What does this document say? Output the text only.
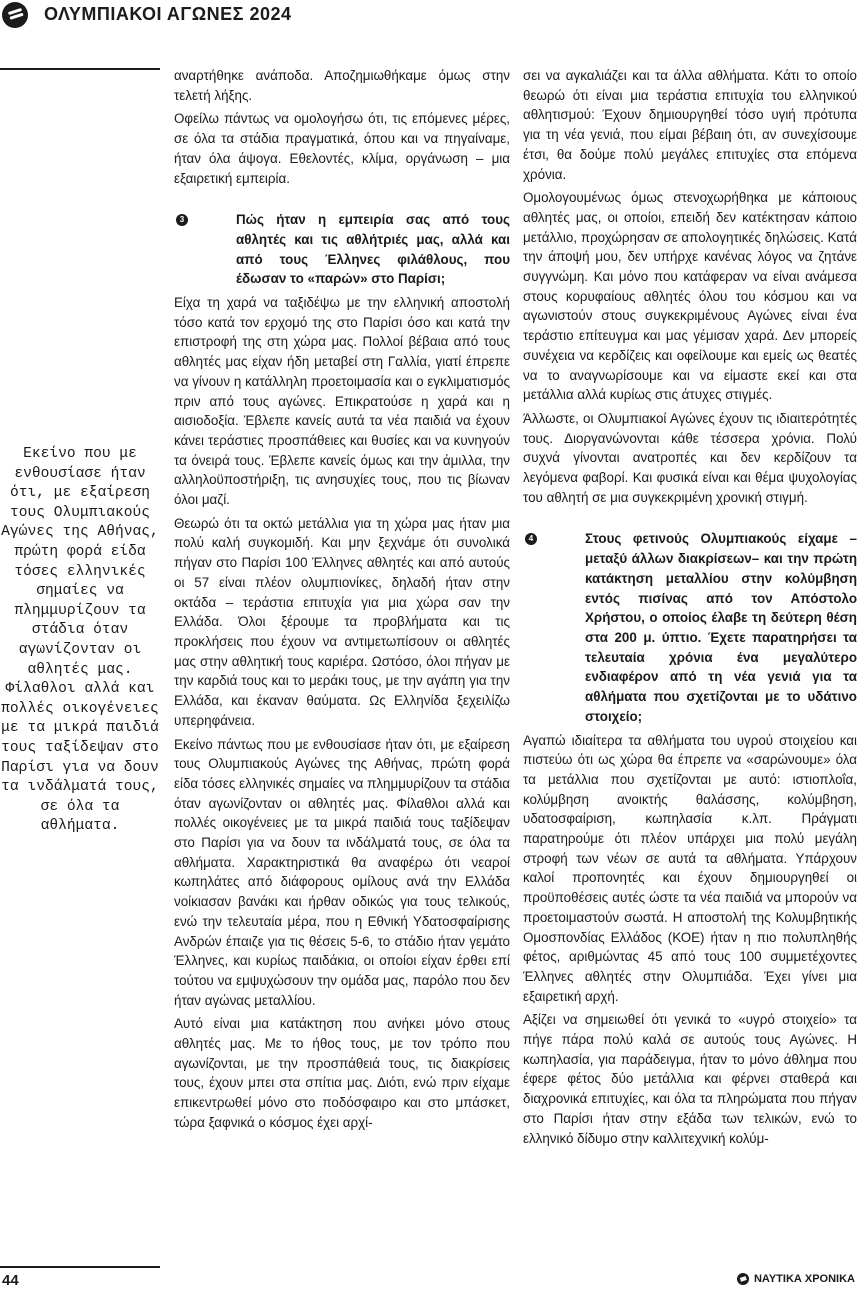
ΟΛΥΜΠΙΑΚΟΙ ΑΓΩΝΕΣ 2024
Εκείνο που με ενθουσίασε ήταν ότι, με εξαίρεση τους Ολυμπιακούς Αγώνες της Αθήνας, πρώτη φορά είδα τόσες ελληνικές σημαίες να πλημμυρίζουν τα στάδια όταν αγωνίζονταν οι αθλητές μας. Φίλαθλοι αλλά και πολλές οικογένειες με τα μικρά παιδιά τους ταξίδεψαν στο Παρίσι για να δουν τα ινδάλματά τους, σε όλα τα αθλήματα.

αναρτήθηκε ανάποδα. Αποζημιωθήκαμε όμως στην τελετή λήξης.

Οφείλω πάντως να ομολογήσω ότι, τις επόμενες μέρες, σε όλα τα στάδια πραγματικά, όπου και να πηγαίναμε, ήταν όλα άψογα. Εθελοντές, κλίμα, οργάνωση – μια εξαιρετική εμπειρία.

3	Πώς ήταν η εμπειρία σας από τους αθλητές και τις αθλήτριές μας, αλλά και από τους Έλληνες φιλάθλους, που έδωσαν το «παρών» στο Παρίσι;

Είχα τη χαρά να ταξιδέψω με την ελληνική αποστολή τόσο κατά τον ερχομό της στο Παρίσι όσο και κατά την επιστροφή της στη χώρα μας. Πολλοί βέβαια από τους αθλητές μας είχαν ήδη μεταβεί στη Γαλλία, γιατί έπρεπε να γίνουν η κατάλληλη προετοιμασία και ο εγκλιματισμός πριν από τους αγώνες. Επικρατούσε η χαρά και η αισιοδοξία. Έβλεπε κανείς αυτά τα νέα παιδιά να έχουν κάνει τεράστιες προσπάθειες και θυσίες και να κυνηγούν τα όνειρά τους. Έβλεπε κανείς όμως και την άμιλλα, την αλληλοϋποστήριξη, τις ανησυχίες τους, που τις βίωναν όλοι μαζί.

Θεωρώ ότι τα οκτώ μετάλλια για τη χώρα μας ήταν μια πολύ καλή συγκομιδή. Και μην ξεχνάμε ότι συνολικά πήγαν στο Παρίσι 100 Έλληνες αθλητές και από αυτούς οι 57 είναι πλέον ολυμπιονίκες, δηλαδή ήταν στην οκτάδα – τεράστια επιτυχία για μια χώρα σαν την Ελλάδα. Όλοι ξέρουμε τα προβλήματα και τις προκλήσεις που έχουν να αντιμετωπίσουν οι αθλητές μας στην αθλητική τους καριέρα. Ωστόσο, όλοι πήγαν με την καρδιά τους και το μεράκι τους, με την αγάπη για την Ελλάδα, και έκαναν θαύματα. Ως Ελληνίδα ξεχειλίζω υπερηφάνεια.

Εκείνο πάντως που με ενθουσίασε ήταν ότι, με εξαίρεση τους Ολυμπιακούς Αγώνες της Αθήνας, πρώτη φορά είδα τόσες ελληνικές σημαίες να πλημμυρίζουν τα στάδια όταν αγωνίζονταν οι αθλητές μας. Φίλαθλοι αλλά και πολλές οικογένειες με τα μικρά παιδιά τους ταξίδεψαν στο Παρίσι για να δουν τα ινδάλματά τους, σε όλα τα αθλήματα. Χαρακτηριστικά θα αναφέρω ότι νεαροί κωπηλάτες από διάφορους ομίλους ανά την Ελλάδα νοίκιασαν βανάκι και ήρθαν οδικώς για τους τελικούς, ενώ την τελευταία μέρα, που η Εθνική Υδατοσφαίρισης Ανδρών έπαιζε για τις θέσεις 5-6, το στάδιο ήταν γεμάτο Έλληνες, και κυρίως παιδάκια, οι οποίοι είχαν έρθει επί τούτου να εμψυχώσουν την ομάδα μας, παρόλο που δεν ήταν αγώνας μεταλλίου.

Αυτό είναι μια κατάκτηση που ανήκει μόνο στους αθλητές μας. Με το ήθος τους, με τον τρόπο που αγωνίζονται, με την προσπάθειά τους, τις διακρίσεις τους, έχουν μπει στα σπίτια μας. Διότι, ενώ πριν είχαμε επικεντρωθεί μόνο στο ποδόσφαιρο και στο μπάσκετ, τώρα ξαφνικά ο κόσμος έχει αρχί-

σει να αγκαλιάζει και τα άλλα αθλήματα. Κάτι το οποίο θεωρώ ότι είναι μια τεράστια επιτυχία του ελληνικού αθλητισμού: Έχουν δημιουργηθεί τόσο υγιή πρότυπα για τη νέα γενιά, που είμαι βέβαιη ότι, αν συνεχίσουμε έτσι, θα δούμε πολύ μεγάλες επιτυχίες στα επόμενα χρόνια.

Ομολογουμένως όμως στενοχωρήθηκα με κάποιους αθλητές μας, οι οποίοι, επειδή δεν κατέκτησαν κάποιο μετάλλιο, προχώρησαν σε απολογητικές δηλώσεις. Κατά την άποψή μου, δεν υπήρχε κανένας λόγος να ζητάνε συγγνώμη. Και μόνο που κατάφεραν να είναι ανάμεσα στους κορυφαίους αθλητές όλου του κόσμου και να αγωνιστούν στους συγκεκριμένους Αγώνες είναι ένα τεράστιο επίτευγμα και μας γέμισαν χαρά. Δεν μπορείς συνέχεια να κερδίζεις και οφείλουμε και εμείς ως θεατές να το αναγνωρίσουμε και να είμαστε εκεί και στα μετάλλια αλλά κυρίως στις άτυχες στιγμές.

Άλλωστε, οι Ολυμπιακοί Αγώνες έχουν τις ιδιαιτερότητές τους. Διοργανώνονται κάθε τέσσερα χρόνια. Πολύ συχνά γίνονται ανατροπές και δεν κερδίζουν τα λεγόμενα φαβορί. Και φυσικά είναι και θέμα ψυχολογίας του αθλητή σε μια συγκεκριμένη χρονική στιγμή.

4	Στους φετινούς Ολυμπιακούς είχαμε –μεταξύ άλλων διακρίσεων– και την πρώτη κατάκτηση μεταλλίου στην κολύμβηση εντός πισίνας από τον Απόστολο Χρήστου, ο οποίος έλαβε τη δεύτερη θέση στα 200 μ. ύπτιο. Έχετε παρατηρήσει τα τελευταία χρόνια ένα μεγαλύτερο ενδιαφέρον από τη νέα γενιά για τα αθλήματα που σχετίζονται με το υδάτινο στοιχείο;

Αγαπώ ιδιαίτερα τα αθλήματα του υγρού στοιχείου και πιστεύω ότι ως χώρα θα έπρεπε να «σαρώνουμε» όλα τα μετάλλια που σχετίζονται με αυτό: ιστιοπλοΐα, κολύμβηση ανοικτής θαλάσσης, κολύμβηση, υδατοσφαίριση, κωπηλασία κ.λπ. Πράγματι παρατηρούμε ότι πλέον υπάρχει μια πολύ μεγάλη στροφή των νέων σε αυτά τα αθλήματα. Υπάρχουν καλοί προπονητές και έχουν δημιουργηθεί οι προϋποθέσεις αυτές ώστε τα νέα παιδιά να μπορούν να προετοιμαστούν σωστά. Η αποστολή της Κολυμβητικής Ομοσπονδίας Ελλάδος (ΚΟΕ) ήταν η πιο πολυπληθής φέτος, αριθμώντας 45 από τους 100 συμμετέχοντες Έλληνες αθλητές στην Ολυμπιάδα. Έχει γίνει μια εξαιρετική αρχή.

Αξίζει να σημειωθεί ότι γενικά το «υγρό στοιχείο» τα πήγε πάρα πολύ καλά σε αυτούς τους Αγώνες. Η κωπηλασία, για παράδειγμα, ήταν το μόνο άθλημα που έφερε φέτος δύο μετάλλια και φέρνει σταθερά και διαχρονικά επιτυχίες, και όλα τα πληρώματα που πήγαν στο Παρίσι ήταν στην εξάδα των τελικών, ενώ το ελληνικό δίδυμο στην καλλιτεχνική κολύμ-

44	ΝΑΥΤΙΚΑ ΧΡΟΝΙΚΑ
